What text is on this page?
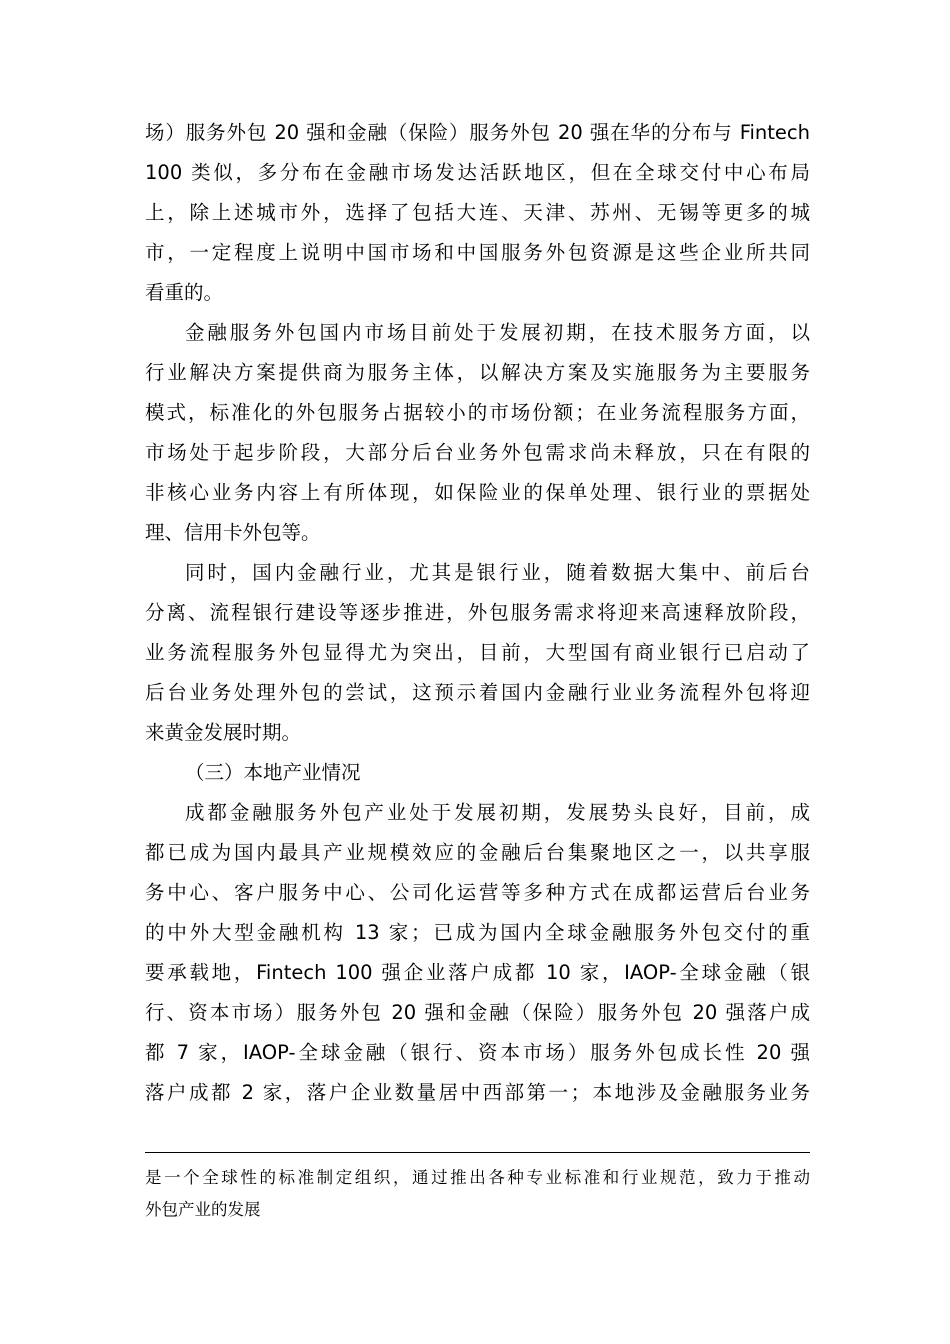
场）服务外包 20 强和金融（保险）服务外包 20 强在华的分布与 Fintech
100 类似，多分布在金融市场发达活跃地区，但在全球交付中心布局
上，除上述城市外，选择了包括大连、天津、苏州、无锡等更多的城
市，一定程度上说明中国市场和中国服务外包资源是这些企业所共同
看重的。
金融服务外包国内市场目前处于发展初期，在技术服务方面，以
行业解决方案提供商为服务主体，以解决方案及实施服务为主要服务
模式，标准化的外包服务占据较小的市场份额；在业务流程服务方面，
市场处于起步阶段，大部分后台业务外包需求尚未释放，只在有限的
非核心业务内容上有所体现，如保险业的保单处理、银行业的票据处
理、信用卡外包等。
同时，国内金融行业，尤其是银行业，随着数据大集中、前后台
分离、流程银行建设等逐步推进，外包服务需求将迎来高速释放阶段，
业务流程服务外包显得尤为突出，目前，大型国有商业银行已启动了
后台业务处理外包的尝试，这预示着国内金融行业业务流程外包将迎
来黄金发展时期。
（三）本地产业情况
成都金融服务外包产业处于发展初期，发展势头良好，目前，成
都已成为国内最具产业规模效应的金融后台集聚地区之一，以共享服
务中心、客户服务中心、公司化运营等多种方式在成都运营后台业务
的中外大型金融机构 13 家；已成为国内全球金融服务外包交付的重
要承载地，Fintech 100 强企业落户成都 10 家，IAOP-全球金融（银
行、资本市场）服务外包 20 强和金融（保险）服务外包 20 强落户成
都 7 家，IAOP-全球金融（银行、资本市场）服务外包成长性 20 强
落户成都 2 家，落户企业数量居中西部第一；本地涉及金融服务业务
是一个全球性的标准制定组织，通过推出各种专业标准和行业规范，致力于推动
外包产业的发展
